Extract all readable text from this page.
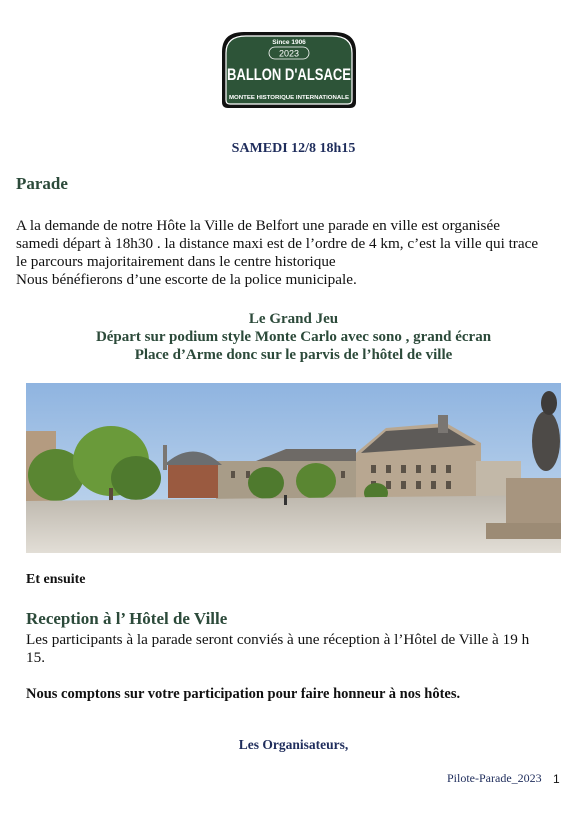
Since 1906
2023
BALLON D'ALSACE
MONTEE HISTORIQUE INTERNATIONALE
SAMEDI 12/8 18h15
Parade
A la demande de notre Hôte la Ville de Belfort une parade en ville est organisée
samedi départ à 18h30 . la distance maxi est de l’ordre de 4 km, c’est la ville qui trace
le parcours majoritairement dans le centre historique
Nous bénéfierons d’une escorte de la police municipale.
Le Grand Jeu
Départ sur podium style Monte Carlo avec sono , grand écran
Place d’Arme donc sur le parvis de l’hôtel de ville
Et ensuite
Reception à l’ Hôtel de Ville
Les participants à la parade seront conviés à une réception à l’Hôtel de Ville à 19 h
15.
Nous comptons sur votre participation pour faire honneur à nos hôtes.
Les Organisateurs,
Pilote-Parade_2023 1
